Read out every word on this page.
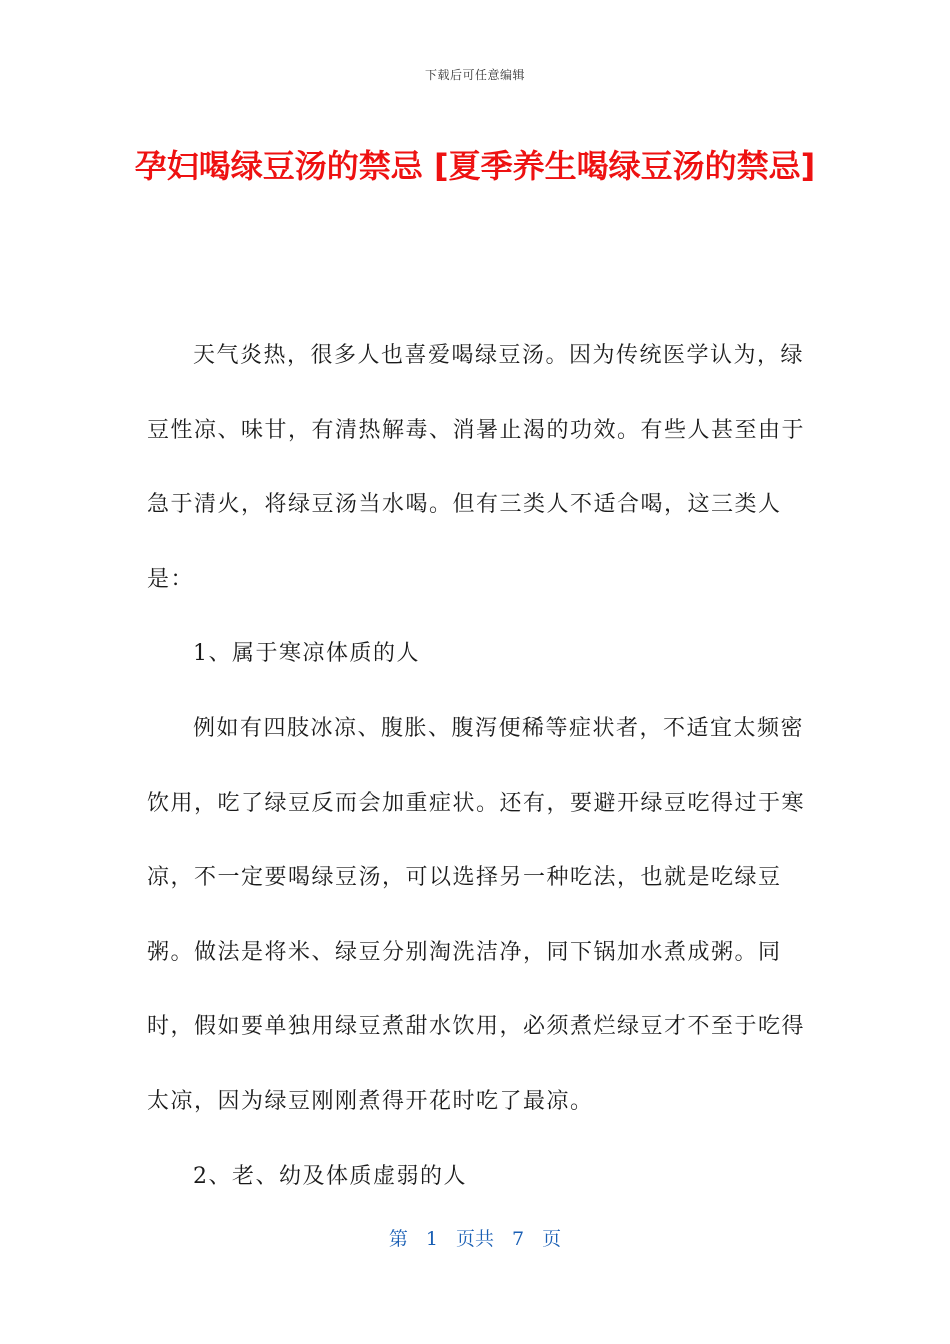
下载后可任意编辑
孕妇喝绿豆汤的禁忌 [夏季养生喝绿豆汤的禁忌]

天气炎热，很多人也喜爱喝绿豆汤。因为传统医学认为，绿豆性凉、味甘，有清热解毒、消暑止渴的功效。有些人甚至由于急于清火，将绿豆汤当水喝。但有三类人不适合喝，这三类人是：

1、属于寒凉体质的人

例如有四肢冰凉、腹胀、腹泻便稀等症状者，不适宜太频密饮用，吃了绿豆反而会加重症状。还有，要避开绿豆吃得过于寒凉，不一定要喝绿豆汤，可以选择另一种吃法，也就是吃绿豆粥。做法是将米、绿豆分别淘洗洁净，同下锅加水煮成粥。同时，假如要单独用绿豆煮甜水饮用，必须煮烂绿豆才不至于吃得太凉，因为绿豆刚刚煮得开花时吃了最凉。

2、老、幼及体质虚弱的人

第 1 页共 7 页
